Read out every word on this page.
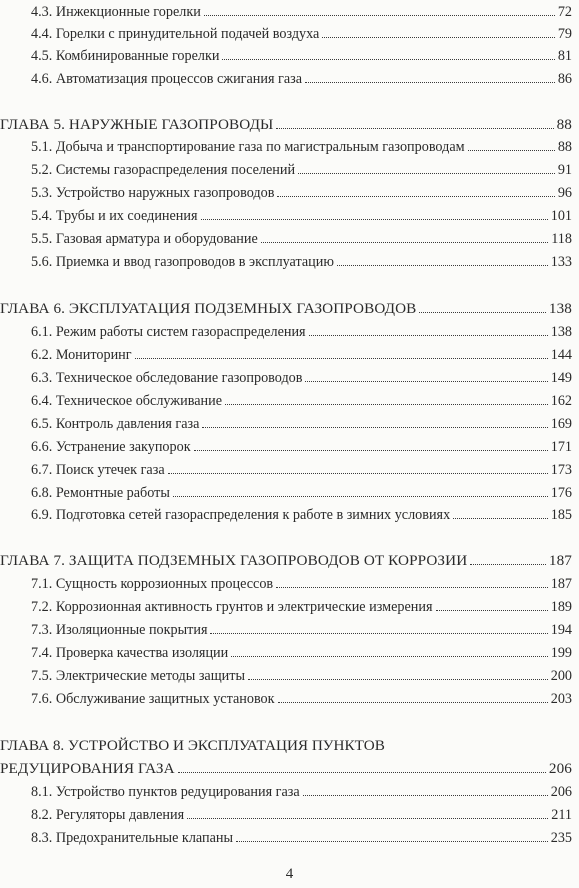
4.3. Инжекционные горелки	72
4.4. Горелки с принудительной подачей воздуха	79
4.5. Комбинированные горелки	81
4.6. Автоматизация процессов сжигания газа	86
ГЛАВА 5. НАРУЖНЫЕ ГАЗОПРОВОДЫ	88
5.1. Добыча и транспортирование газа по магистральным газопроводам	88
5.2. Системы газораспределения поселений	91
5.3. Устройство наружных газопроводов	96
5.4. Трубы и их соединения	101
5.5. Газовая арматура и оборудование	118
5.6. Приемка и ввод газопроводов в эксплуатацию	133
ГЛАВА 6. ЭКСПЛУАТАЦИЯ ПОДЗЕМНЫХ ГАЗОПРОВОДОВ	138
6.1. Режим работы систем газораспределения	138
6.2. Мониторинг	144
6.3. Техническое обследование газопроводов	149
6.4. Техническое обслуживание	162
6.5. Контроль давления газа	169
6.6. Устранение закупорок	171
6.7. Поиск утечек газа	173
6.8. Ремонтные работы	176
6.9. Подготовка сетей газораспределения к работе в зимних условиях	185
ГЛАВА 7. ЗАЩИТА ПОДЗЕМНЫХ ГАЗОПРОВОДОВ ОТ КОРРОЗИИ	187
7.1. Сущность коррозионных процессов	187
7.2. Коррозионная активность грунтов и электрические измерения	189
7.3. Изоляционные покрытия	194
7.4. Проверка качества изоляции	199
7.5. Электрические методы защиты	200
7.6. Обслуживание защитных установок	203
ГЛАВА 8. УСТРОЙСТВО И ЭКСПЛУАТАЦИЯ ПУНКТОВ
РЕДУЦИРОВАНИЯ ГАЗА	206
8.1. Устройство пунктов редуцирования газа	206
8.2. Регуляторы давления	211
8.3. Предохранительные клапаны	235
4
